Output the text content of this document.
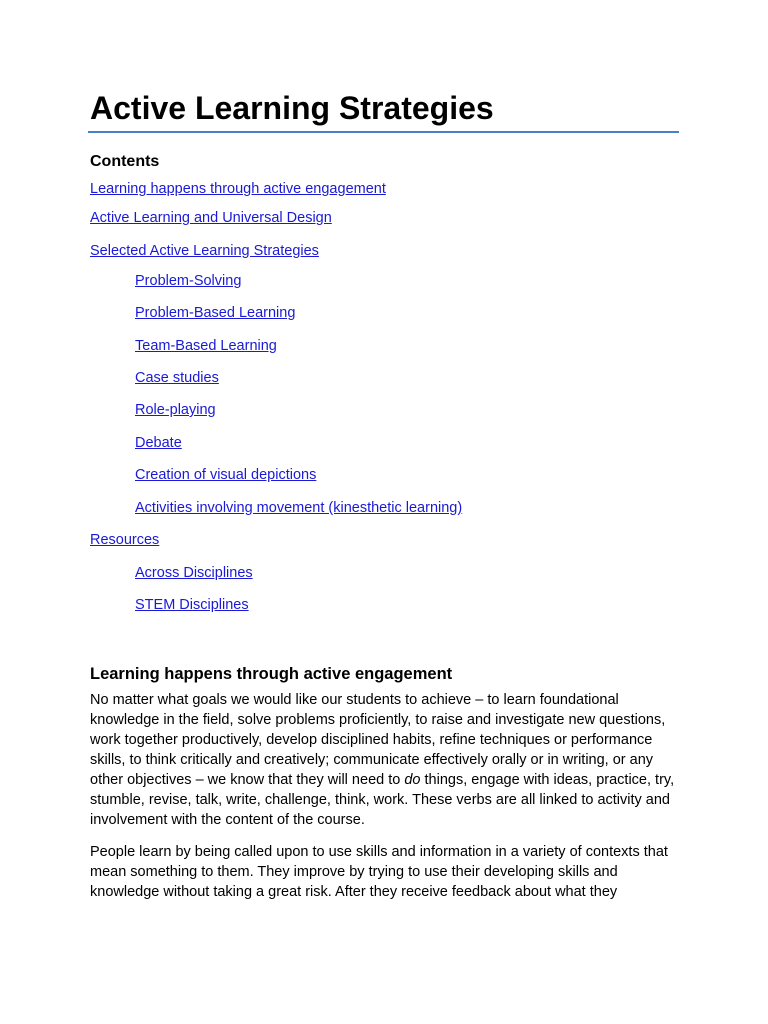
Active Learning Strategies
Contents
Learning happens through active engagement
Active Learning and Universal Design
Selected Active Learning Strategies
Problem-Solving
Problem-Based Learning
Team-Based Learning
Case studies
Role-playing
Debate
Creation of visual depictions
Activities involving movement (kinesthetic learning)
Resources
Across Disciplines
STEM Disciplines
Learning happens through active engagement

No matter what goals we would like our students to achieve – to learn foundational knowledge in the field, solve problems proficiently, to raise and investigate new questions, work together productively, develop disciplined habits, refine techniques or performance skills, to think critically and creatively; communicate effectively orally or in writing, or any other objectives – we know that they will need to do things, engage with ideas, practice, try, stumble, revise, talk, write, challenge, think, work. These verbs are all linked to activity and involvement with the content of the course.

People learn by being called upon to use skills and information in a variety of contexts that mean something to them. They improve by trying to use their developing skills and knowledge without taking a great risk. After they receive feedback about what they
